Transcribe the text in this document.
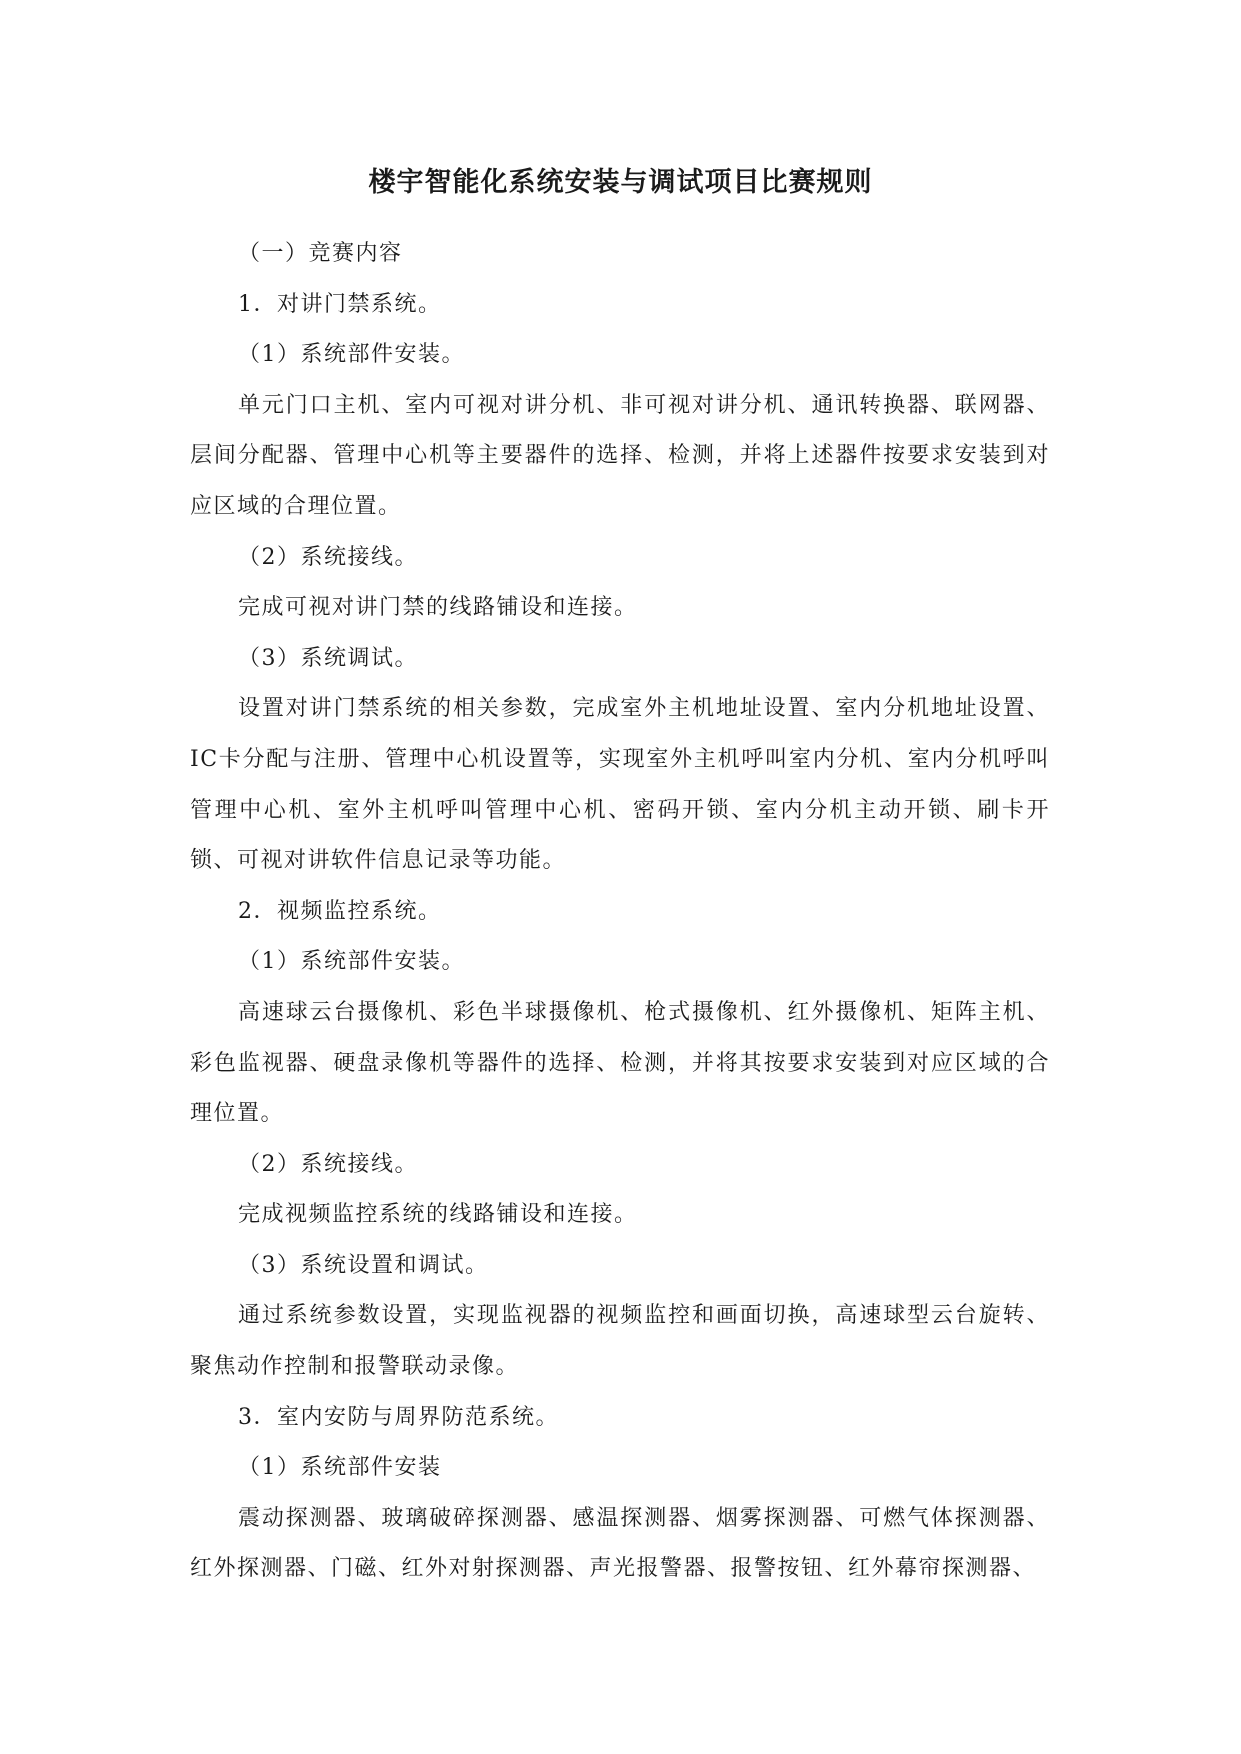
楼宇智能化系统安装与调试项目比赛规则

（一）竞赛内容

1．对讲门禁系统。

（1）系统部件安装。

单元门口主机、室内可视对讲分机、非可视对讲分机、通讯转换器、联网器、层间分配器、管理中心机等主要器件的选择、检测，并将上述器件按要求安装到对应区域的合理位置。

（2）系统接线。

完成可视对讲门禁的线路铺设和连接。

（3）系统调试。

设置对讲门禁系统的相关参数，完成室外主机地址设置、室内分机地址设置、IC卡分配与注册、管理中心机设置等，实现室外主机呼叫室内分机、室内分机呼叫管理中心机、室外主机呼叫管理中心机、密码开锁、室内分机主动开锁、刷卡开锁、可视对讲软件信息记录等功能。

2．视频监控系统。

（1）系统部件安装。

高速球云台摄像机、彩色半球摄像机、枪式摄像机、红外摄像机、矩阵主机、彩色监视器、硬盘录像机等器件的选择、检测，并将其按要求安装到对应区域的合理位置。

（2）系统接线。

完成视频监控系统的线路铺设和连接。

（3）系统设置和调试。

通过系统参数设置，实现监视器的视频监控和画面切换，高速球型云台旋转、聚焦动作控制和报警联动录像。

3．室内安防与周界防范系统。

（1）系统部件安装

震动探测器、玻璃破碎探测器、感温探测器、烟雾探测器、可燃气体探测器、红外探测器、门磁、红外对射探测器、声光报警器、报警按钮、红外幕帘探测器、
